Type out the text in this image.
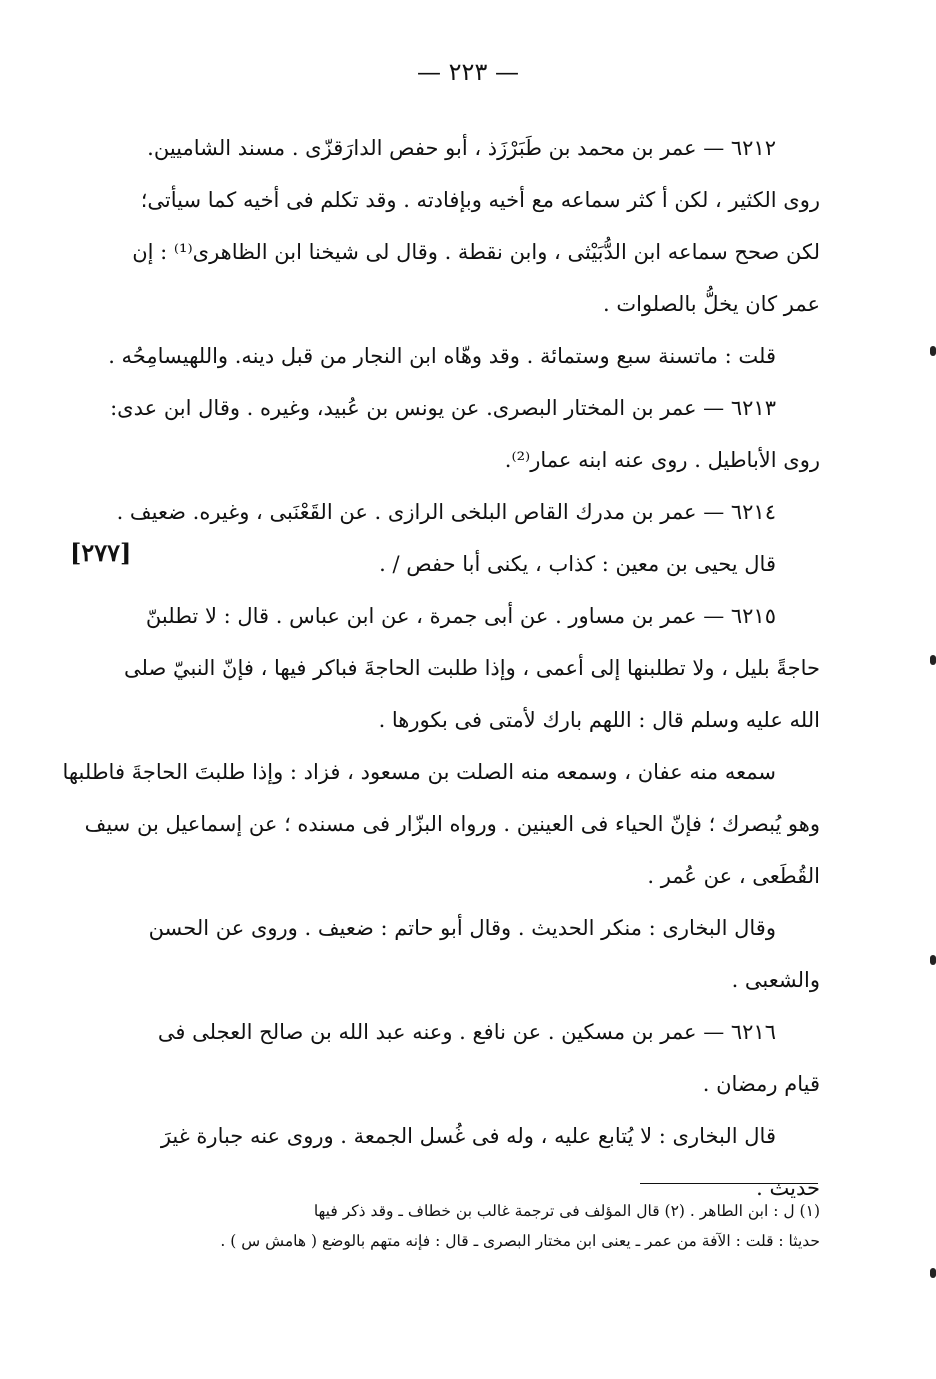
— ٢٢٣ —
٦٢١٢ — عمر بن محمد بن طَبَرْزَذ ، أبو حفص الدارَقزّى . مسند الشاميين.
روى الكثير ، لكن أ كثر سماعه مع أخيه وبإفادته . وقد تكلم فى أخيه كما سيأتى؛
لكن صحح سماعه ابن الدُّبَيْثى ، وابن نقطة . وقال لى شيخنا ابن الظاهرى⁽¹⁾ : إن
عمر كان يخلُّ بالصلوات .
قلت : ماتسنة سبع وستمائة . وقد وهّاه ابن النجار من قبل دينه. واللهيسامِحُه .
٦٢١٣ — عمر بن المختار البصرى. عن يونس بن عُبيد، وغيره . وقال ابن عدى:
روى الأباطيل . روى عنه ابنه عمار⁽²⁾.
٦٢١٤ — عمر بن مدرك القاص البلخى الرازى . عن القَعْنَبى ، وغيره. ضعيف .
قال يحيى بن معين : كذاب ، يكنى أبا حفص / .
٦٢١٥ — عمر بن مساور . عن أبى جمرة ، عن ابن عباس . قال : لا تطلبنّ
حاجةً بليل ، ولا تطلبنها إلى أعمى ، وإذا طلبت الحاجةَ فباكر فيها ، فإنّ النبيّ صلى
الله عليه وسلم قال : اللهم بارك لأمتى فى بكورها .
سمعه منه عفان ، وسمعه منه الصلت بن مسعود ، فزاد : وإذا طلبتَ الحاجةَ فاطلبها
وهو يُبصرك ؛ فإنّ الحياء فى العينين . ورواه البزّار فى مسنده ؛ عن إسماعيل بن سيف
القُطَعى ، عن عُمر .
وقال البخارى : منكر الحديث . وقال أبو حاتم : ضعيف . وروى عن الحسن
والشعبى .
٦٢١٦ — عمر بن مسكين . عن نافع . وعنه عبد الله بن صالح العجلى فى
قيام رمضان .
قال البخارى : لا يُتابع عليه ، وله فى غُسل الجمعة . وروى عنه جبارة غيرَ
حديث .
[٢٧٧]
(١) ل : ابن الطاهر . (٢) قال المؤلف فى ترجمة غالب بن خطاف ـ وقد ذكر فيها
حديثا : قلت : الآفة من عمر ـ يعنى ابن مختار البصرى ـ قال : فإنه متهم بالوضع ( هامش س ) .
